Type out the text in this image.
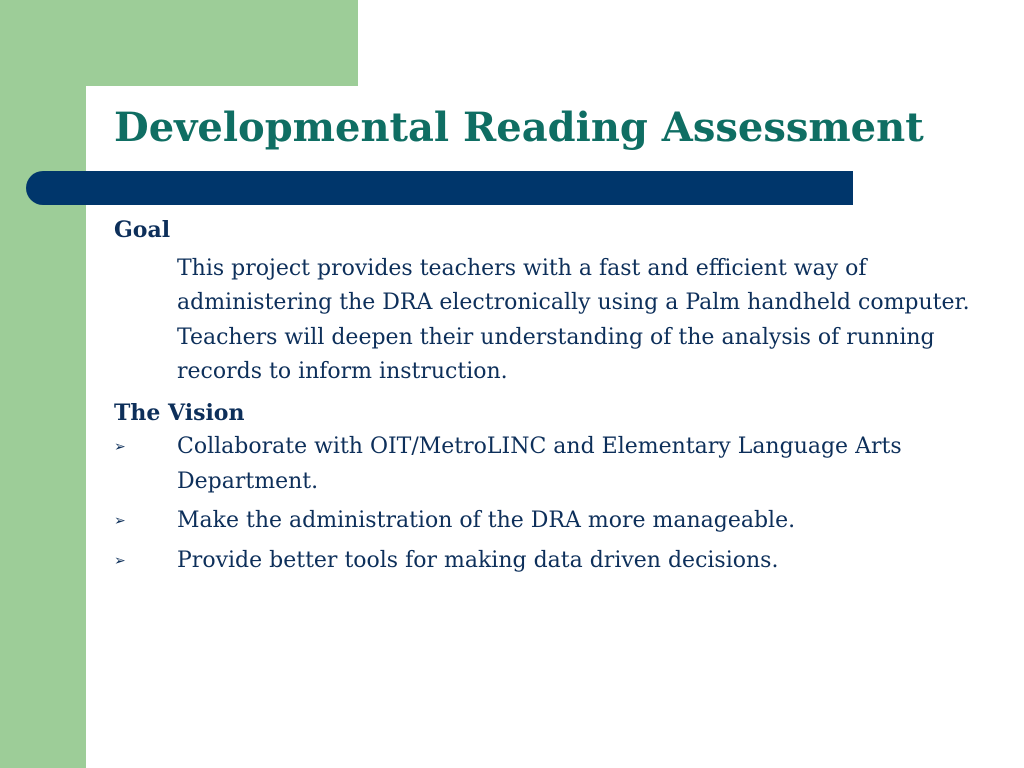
Developmental Reading Assessment
Goal
This project provides teachers with a fast and efficient way of administering the DRA electronically using a Palm handheld computer. Teachers will deepen their understanding of the analysis of running records to inform instruction.
The Vision
➢ Collaborate with OIT/MetroLINC and Elementary Language Arts Department.
➢ Make the administration of the DRA more manageable.
➢ Provide better tools for making data driven decisions.
